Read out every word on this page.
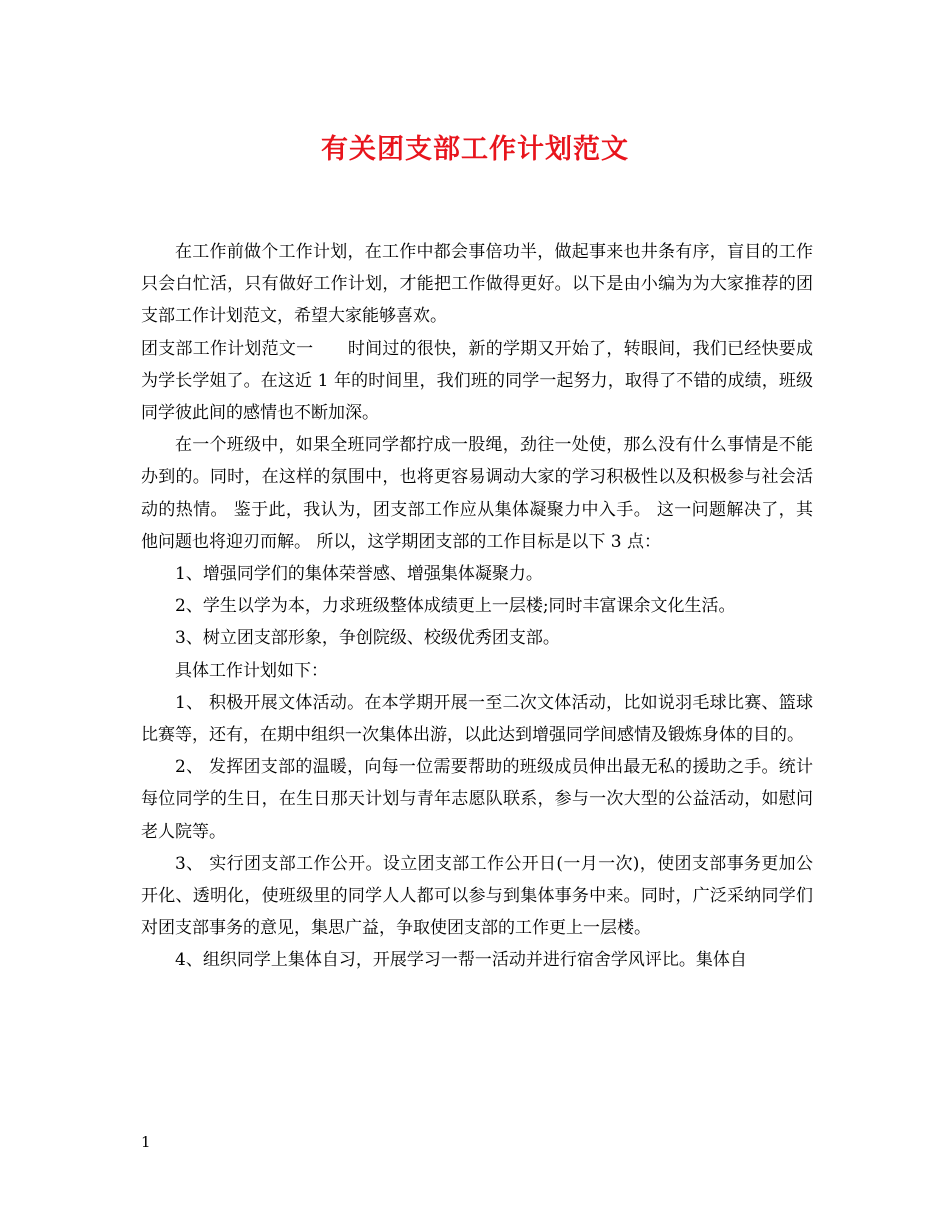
有关团支部工作计划范文

在工作前做个工作计划，在工作中都会事倍功半，做起事来也井条有序，盲目的工作只会白忙活，只有做好工作计划，才能把工作做得更好。以下是由小编为为大家推荐的团支部工作计划范文，希望大家能够喜欢。

团支部工作计划范文一　　时间过的很快，新的学期又开始了，转眼间，我们已经快要成为学长学姐了。在这近 1 年的时间里，我们班的同学一起努力，取得了不错的成绩，班级同学彼此间的感情也不断加深。

在一个班级中，如果全班同学都拧成一股绳，劲往一处使，那么没有什么事情是不能办到的。同时，在这样的氛围中，也将更容易调动大家的学习积极性以及积极参与社会活动的热情。 鉴于此，我认为，团支部工作应从集体凝聚力中入手。 这一问题解决了，其他问题也将迎刃而解。 所以，这学期团支部的工作目标是以下 3 点：

1、增强同学们的集体荣誉感、增强集体凝聚力。

2、学生以学为本，力求班级整体成绩更上一层楼;同时丰富课余文化生活。

3、树立团支部形象，争创院级、校级优秀团支部。

具体工作计划如下：

1、 积极开展文体活动。在本学期开展一至二次文体活动，比如说羽毛球比赛、篮球比赛等，还有，在期中组织一次集体出游，以此达到增强同学间感情及锻炼身体的目的。

2、 发挥团支部的温暖，向每一位需要帮助的班级成员伸出最无私的援助之手。统计每位同学的生日，在生日那天计划与青年志愿队联系，参与一次大型的公益活动，如慰问老人院等。

3、 实行团支部工作公开。设立团支部工作公开日(一月一次)，使团支部事务更加公开化、透明化，使班级里的同学人人都可以参与到集体事务中来。同时，广泛采纳同学们对团支部事务的意见，集思广益，争取使团支部的工作更上一层楼。

4、组织同学上集体自习，开展学习一帮一活动并进行宿舍学风评比。集体自

1
